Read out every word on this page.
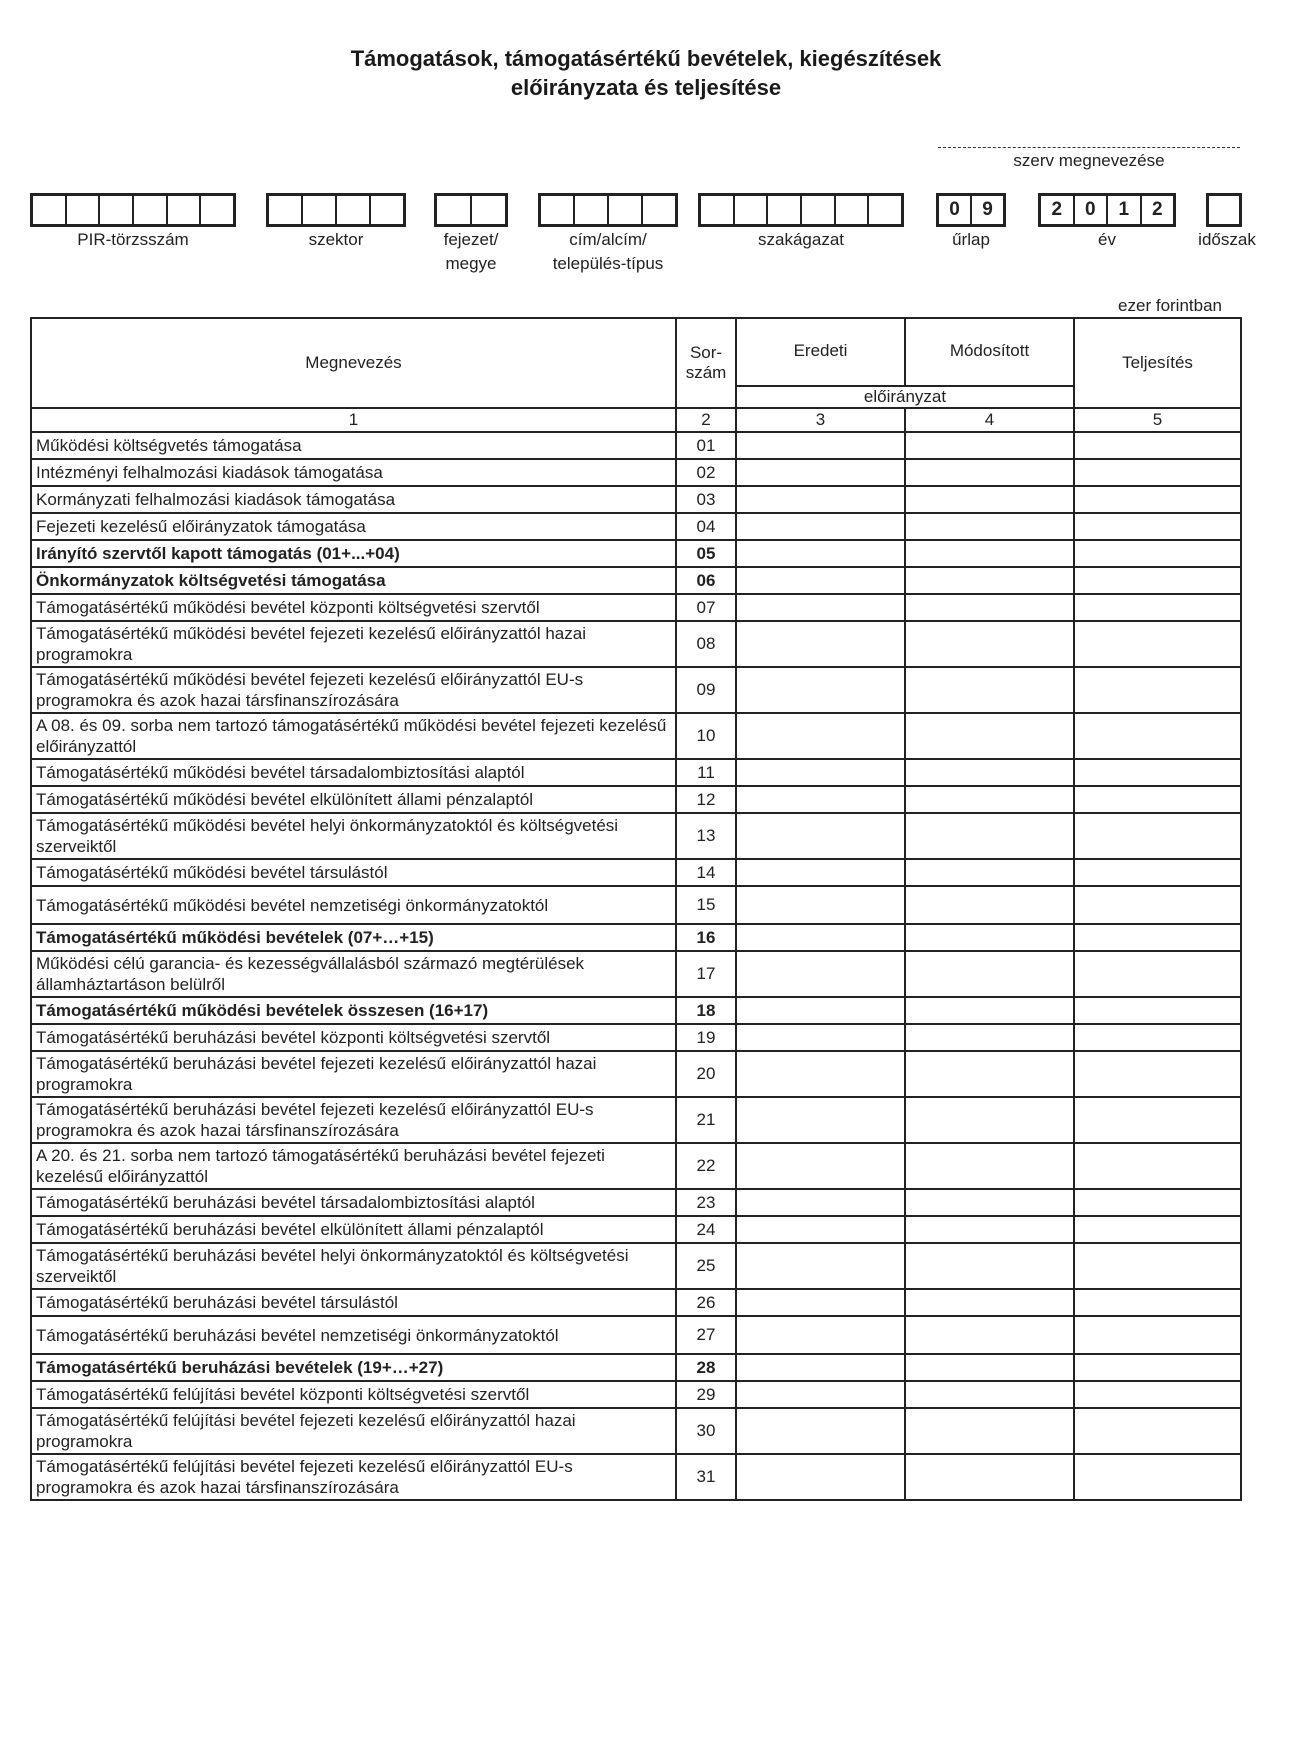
Támogatások, támogatásértékű bevételek, kiegészítések
előirányzata és teljesítése
szerv megnevezése
PIR-törzsszám	szektor	fejezet/
megye
cím/alcím/
település-típus
szakágazat
0	9
űrlap
2	0	1	2
év	időszak
ezer forintban
Megnevezés	Sor-
szám	Eredeti	Módosított	Teljesítés
		előirányzat		
1	2	3	4	5
Működési költségvetés támogatása	01			
Intézményi felhalmozási kiadások támogatása	02			
Kormányzati felhalmozási kiadások támogatása	03			
Fejezeti kezelésű előirányzatok támogatása	04			
Irányító szervtől kapott támogatás (01+...+04)	05			
Önkormányzatok költségvetési támogatása	06			
Támogatásértékű működési bevétel központi költségvetési szervtől	07			
Támogatásértékű működési bevétel fejezeti kezelésű előirányzattól hazai programokra	08			
Támogatásértékű működési bevétel fejezeti kezelésű előirányzattól EU-s programokra és azok hazai társfinanszírozására	09			
A 08. és 09. sorba nem tartozó támogatásértékű működési bevétel fejezeti kezelésű előirányzattól	10			
Támogatásértékű működési bevétel társadalombiztosítási alaptól	11			
Támogatásértékű működési bevétel elkülönített állami pénzalaptól	12			
Támogatásértékű működési bevétel helyi önkormányzatoktól és költségvetési szerveiktől	13			
Támogatásértékű működési bevétel társulástól	14			
Támogatásértékű működési bevétel nemzetiségi önkormányzatoktól	15			
Támogatásértékű működési bevételek (07+…+15)	16			
Működési célú garancia- és kezességvállalásból származó megtérülések államháztartáson belülről	17			
Támogatásértékű működési bevételek összesen (16+17)	18			
Támogatásértékű beruházási bevétel központi költségvetési szervtől	19			
Támogatásértékű beruházási bevétel fejezeti kezelésű előirányzattól hazai programokra	20			
Támogatásértékű beruházási bevétel fejezeti kezelésű előirányzattól EU-s programokra és azok hazai társfinanszírozására	21			
A 20. és 21. sorba nem tartozó támogatásértékű beruházási bevétel fejezeti kezelésű előirányzattól	22			
Támogatásértékű beruházási bevétel társadalombiztosítási alaptól	23			
Támogatásértékű beruházási bevétel elkülönített állami pénzalaptól	24			
Támogatásértékű beruházási bevétel helyi önkormányzatoktól és költségvetési szerveiktől	25			
Támogatásértékű beruházási bevétel társulástól	26			
Támogatásértékű beruházási bevétel nemzetiségi önkormányzatoktól	27			
Támogatásértékű beruházási bevételek (19+…+27)	28			
Támogatásértékű felújítási bevétel központi költségvetési szervtől	29			
Támogatásértékű felújítási bevétel fejezeti kezelésű előirányzattól hazai programokra	30			
Támogatásértékű felújítási bevétel fejezeti kezelésű előirányzattól EU-s programokra és azok hazai társfinanszírozására	31			
